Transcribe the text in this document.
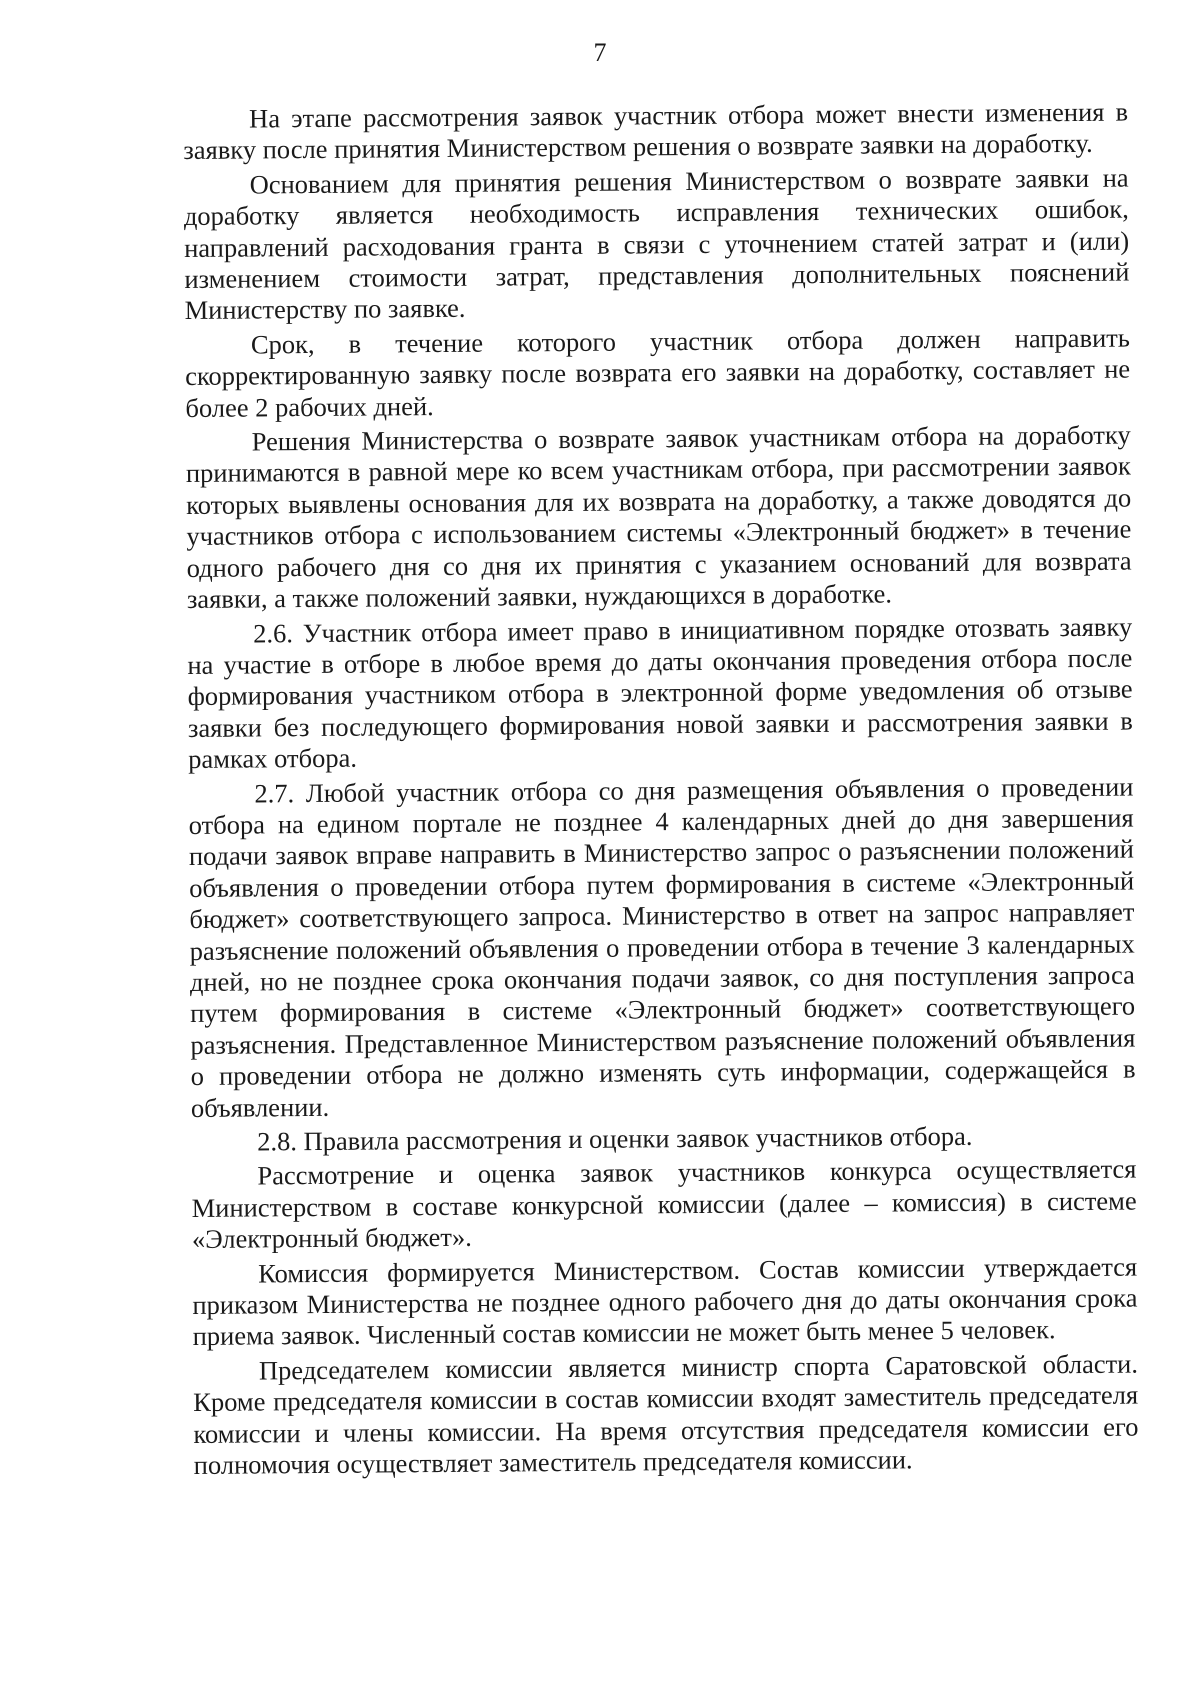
7

На этапе рассмотрения заявок участник отбора может внести изменения в заявку после принятия Министерством решения о возврате заявки на доработку.

Основанием для принятия решения Министерством о возврате заявки на доработку является необходимость исправления технических ошибок, направлений расходования гранта в связи с уточнением статей затрат и (или) изменением стоимости затрат, представления дополнительных пояснений Министерству по заявке.

Срок, в течение которого участник отбора должен направить скорректированную заявку после возврата его заявки на доработку, составляет не более 2 рабочих дней.

Решения Министерства о возврате заявок участникам отбора на доработку принимаются в равной мере ко всем участникам отбора, при рассмотрении заявок которых выявлены основания для их возврата на доработку, а также доводятся до участников отбора с использованием системы «Электронный бюджет» в течение одного рабочего дня со дня их принятия с указанием оснований для возврата заявки, а также положений заявки, нуждающихся в доработке.

2.6. Участник отбора имеет право в инициативном порядке отозвать заявку на участие в отборе в любое время до даты окончания проведения отбора после формирования участником отбора в электронной форме уведомления об отзыве заявки без последующего формирования новой заявки и рассмотрения заявки в рамках отбора.

2.7. Любой участник отбора со дня размещения объявления о проведении отбора на едином портале не позднее 4 календарных дней до дня завершения подачи заявок вправе направить в Министерство запрос о разъяснении положений объявления о проведении отбора путем формирования в системе «Электронный бюджет» соответствующего запроса. Министерство в ответ на запрос направляет разъяснение положений объявления о проведении отбора в течение 3 календарных дней, но не позднее срока окончания подачи заявок, со дня поступления запроса путем формирования в системе «Электронный бюджет» соответствующего разъяснения. Представленное Министерством разъяснение положений объявления о проведении отбора не должно изменять суть информации, содержащейся в объявлении.

2.8. Правила рассмотрения и оценки заявок участников отбора.

Рассмотрение и оценка заявок участников конкурса осуществляется Министерством в составе конкурсной комиссии (далее – комиссия) в системе «Электронный бюджет».

Комиссия формируется Министерством. Состав комиссии утверждается приказом Министерства не позднее одного рабочего дня до даты окончания срока приема заявок. Численный состав комиссии не может быть менее 5 человек.

Председателем комиссии является министр спорта Саратовской области. Кроме председателя комиссии в состав комиссии входят заместитель председателя комиссии и члены комиссии. На время отсутствия председателя комиссии его полномочия осуществляет заместитель председателя комиссии.
